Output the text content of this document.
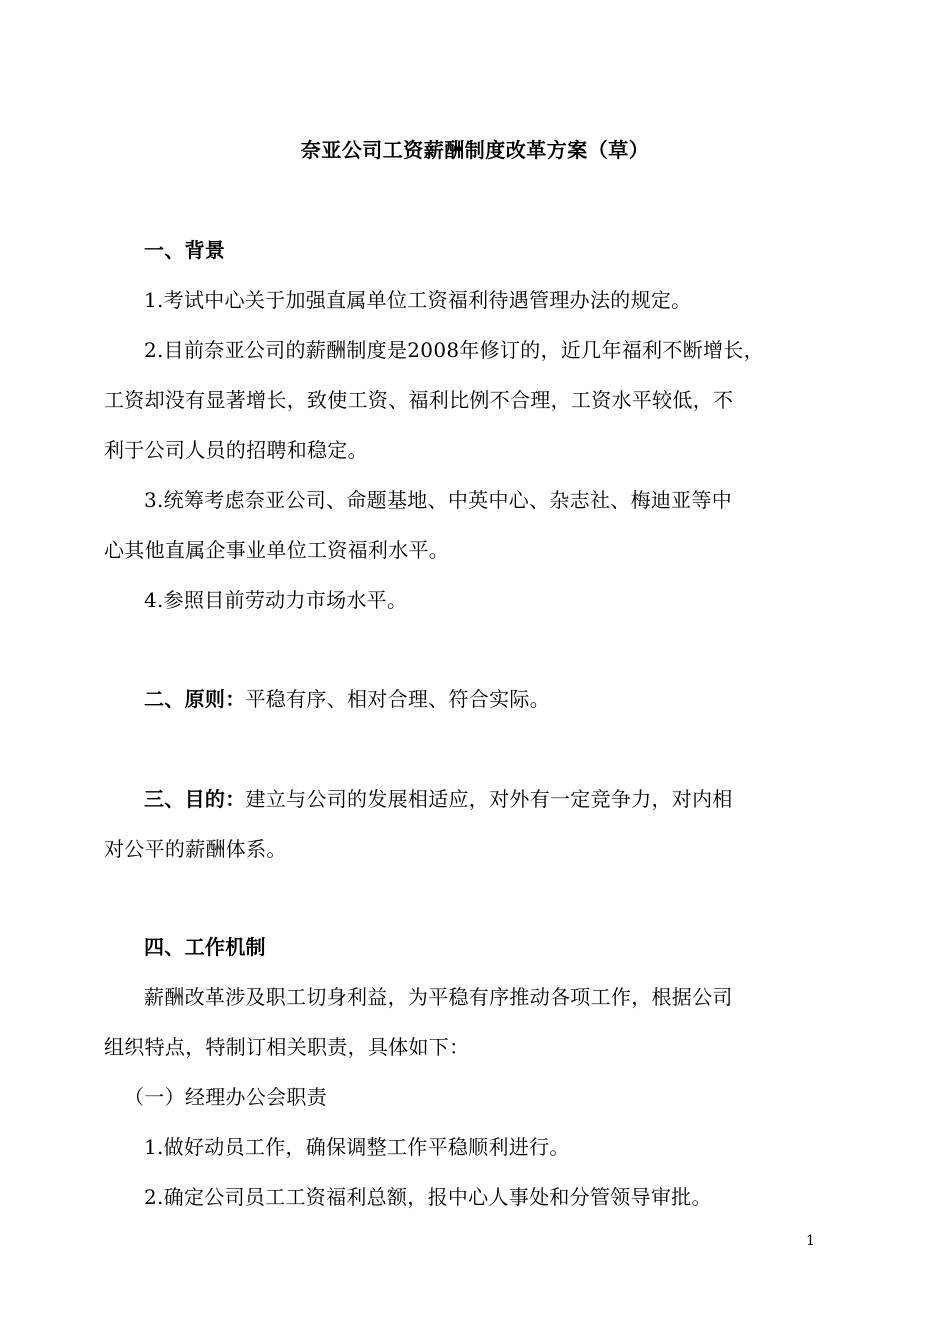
奈亚公司工资薪酬制度改革方案（草）
一、背景
1.考试中心关于加强直属单位工资福利待遇管理办法的规定。
2.目前奈亚公司的薪酬制度是2008年修订的，近几年福利不断增长，
工资却没有显著增长，致使工资、福利比例不合理，工资水平较低，不
利于公司人员的招聘和稳定。
3.统筹考虑奈亚公司、命题基地、中英中心、杂志社、梅迪亚等中
心其他直属企事业单位工资福利水平。
4.参照目前劳动力市场水平。
二、原则：平稳有序、相对合理、符合实际。
三、目的：建立与公司的发展相适应，对外有一定竞争力，对内相
对公平的薪酬体系。
四、工作机制
薪酬改革涉及职工切身利益，为平稳有序推动各项工作，根据公司
组织特点，特制订相关职责，具体如下：
（一）经理办公会职责
1.做好动员工作，确保调整工作平稳顺利进行。
2.确定公司员工工资福利总额，报中心人事处和分管领导审批。
1
